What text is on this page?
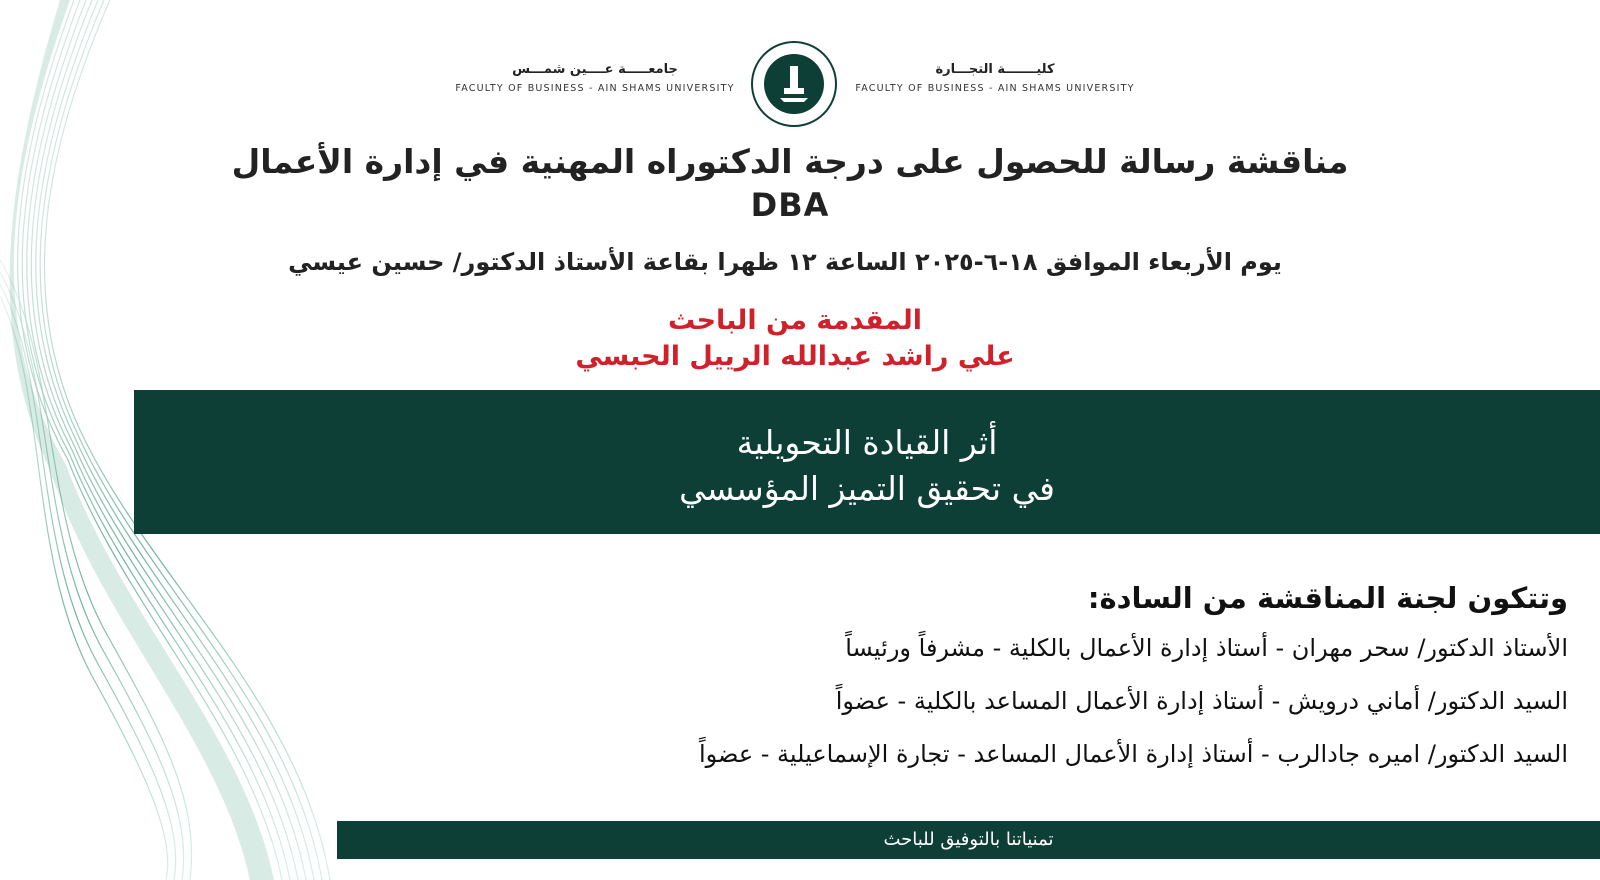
جامعـــــة عــــين شمـــس
FACULTY OF BUSINESS - AIN SHAMS UNIVERSITY
كليـــــــة التجـــارة
FACULTY OF BUSINESS - AIN SHAMS UNIVERSITY
مناقشة رسالة للحصول على درجة الدكتوراه المهنية في إدارة الأعمال
DBA
يوم الأربعاء الموافق ١٨-٦-٢٠٢٥ الساعة ١٢ ظهرا بقاعة الأستاذ الدكتور/ حسين عيسي
المقدمة من الباحث
علي راشد عبدالله الرييل الحبسي
أثر القيادة التحويلية
في تحقيق التميز المؤسسي
وتتكون لجنة المناقشة من السادة:
الأستاذ الدكتور/ سحر مهران - أستاذ إدارة الأعمال بالكلية - مشرفاً ورئيساً
السيد الدكتور/ أماني درويش - أستاذ إدارة الأعمال المساعد بالكلية - عضواً
السيد الدكتور/ اميره جادالرب - أستاذ إدارة الأعمال المساعد - تجارة الإسماعيلية - عضواً
تمنياتنا بالتوفيق للباحث
